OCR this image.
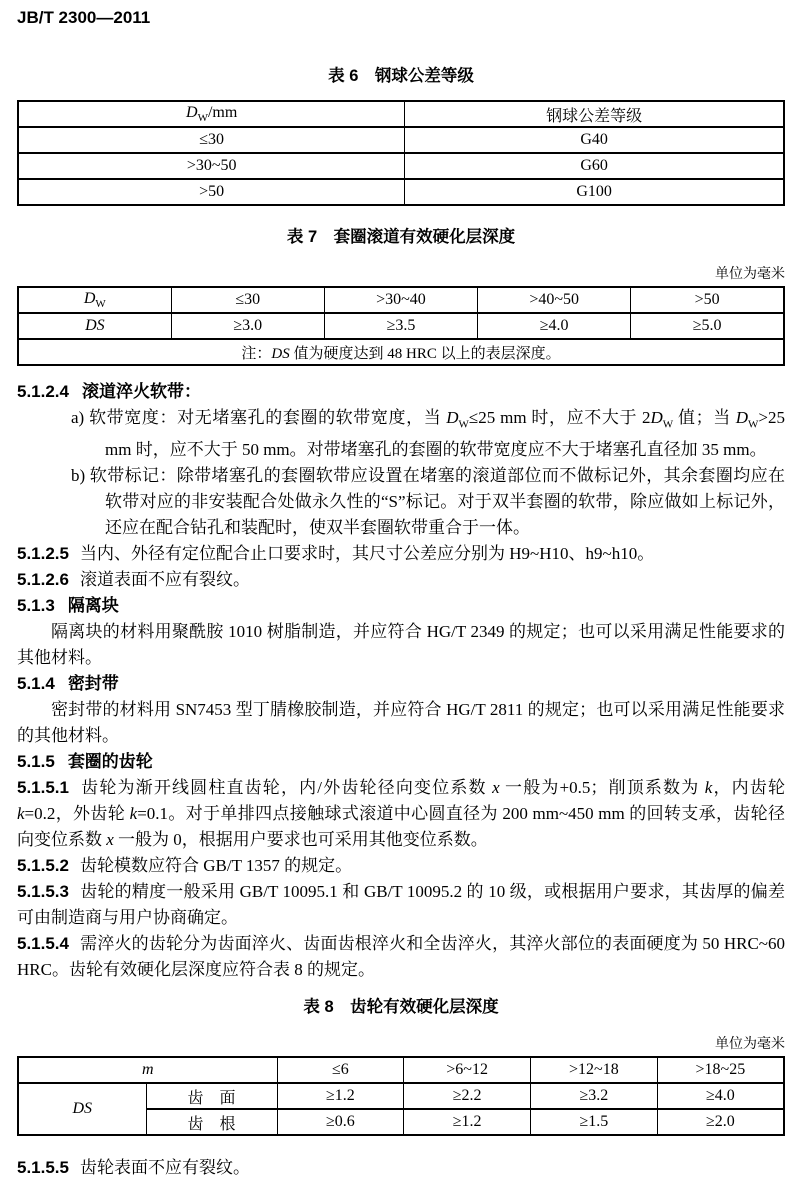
JB/T 2300—2011
表 6　钢球公差等级
$D_W/mm$	钢球公差等级
≤30	G40
>30~50	G60
>50	G100
表 7　套圈滚道有效硬化层深度
单位为毫米
$D_W$	≤30	>30~40	>40~50	>50
DS	≥3.0	≥3.5	≥4.0	≥5.0
注：DS 值为硬度达到 48 HRC 以上的表层深度。				

5.1.2.4 滚道淬火软带：

a) 软带宽度：对无堵塞孔的套圈的软带宽度，当 $D_W\le 25$ mm 时，应不大于 $2D_W$ 值；当 $D_W>25$ mm 时，应不大于 50 mm。对带堵塞孔的套圈的软带宽度应不大于堵塞孔直径加 35 mm。

b) 软带标记：除带堵塞孔的套圈软带应设置在堵塞的滚道部位而不做标记外，其余套圈均应在软带对应的非安装配合处做永久性的“S”标记。对于双半套圈的软带，除应做如上标记外，还应在配合钻孔和装配时，使双半套圈软带重合于一体。

5.1.2.5 当内、外径有定位配合止口要求时，其尺寸公差应分别为 H9~H10、h9~h10。

5.1.2.6 滚道表面不应有裂纹。

5.1.3 隔离块

隔离块的材料用聚酰胺 1010 树脂制造，并应符合 HG/T 2349 的规定；也可以采用满足性能要求的其他材料。

5.1.4 密封带

密封带的材料用 SN7453 型丁腈橡胶制造，并应符合 HG/T 2811 的规定；也可以采用满足性能要求的其他材料。

5.1.5 套圈的齿轮

5.1.5.1 齿轮为渐开线圆柱直齿轮，内/外齿轮径向变位系数 x 一般为+0.5；削顶系数为 k，内齿轮 k=0.2，外齿轮 k=0.1。对于单排四点接触球式滚道中心圆直径为 200 mm~450 mm 的回转支承，齿轮径向变位系数 x 一般为 0，根据用户要求也可采用其他变位系数。

5.1.5.2 齿轮模数应符合 GB/T 1357 的规定。

5.1.5.3 齿轮的精度一般采用 GB/T 10095.1 和 GB/T 10095.2 的 10 级，或根据用户要求，其齿厚的偏差可由制造商与用户协商确定。

5.1.5.4 需淬火的齿轮分为齿面淬火、齿面齿根淬火和全齿淬火，其淬火部位的表面硬度为 50 HRC~60 HRC。齿轮有效硬化层深度应符合表 8 的规定。

表 8　齿轮有效硬化层深度
单位为毫米
m		≤6	>6~12	>12~18	>18~25
DS	齿　面	≥1.2	≥2.2	≥3.2	≥4.0
	齿　根	≥0.6	≥1.2	≥1.5	≥2.0

5.1.5.5 齿轮表面不应有裂纹。
